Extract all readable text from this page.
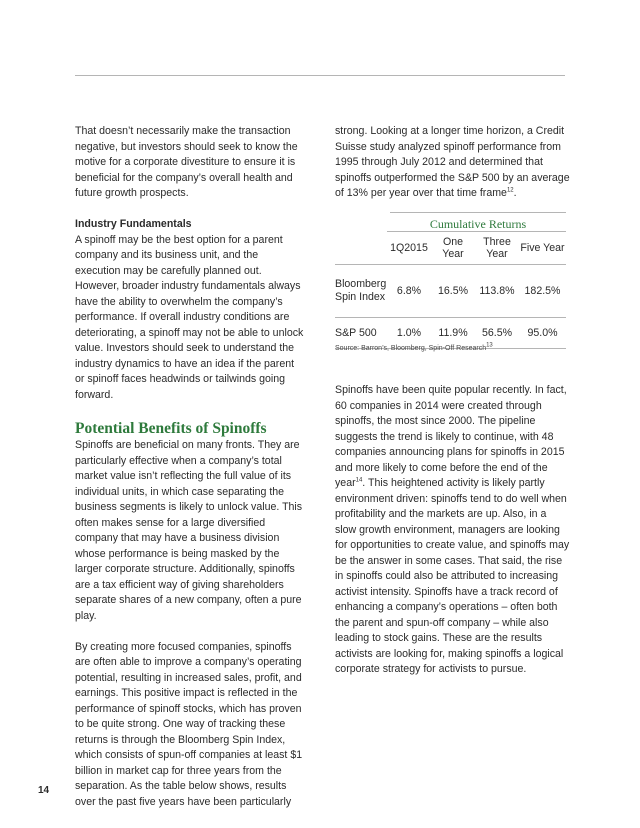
That doesn’t necessarily make the transaction negative, but investors should seek to know the motive for a corporate divestiture to ensure it is beneficial for the company’s overall health and future growth prospects.

Industry Fundamentals

A spinoff may be the best option for a parent company and its business unit, and the execution may be carefully planned out. However, broader industry fundamentals always have the ability to overwhelm the company’s performance. If overall industry conditions are deteriorating, a spinoff may not be able to unlock value. Investors should seek to understand the industry dynamics to have an idea if the parent or spinoff faces headwinds or tailwinds going forward.

Potential Benefits of Spinoffs

Spinoffs are beneficial on many fronts. They are particularly effective when a company’s total market value isn’t reflecting the full value of its individual units, in which case separating the business segments is likely to unlock value. This often makes sense for a large diversified company that may have a business division whose performance is being masked by the larger corporate structure. Additionally, spinoffs are a tax efficient way of giving shareholders separate shares of a new company, often a pure play.

By creating more focused companies, spinoffs are often able to improve a company’s operating potential, resulting in increased sales, profit, and earnings. This positive impact is reflected in the performance of spinoff stocks, which has proven to be quite strong. One way of tracking these returns is through the Bloomberg Spin Index, which consists of spun-off companies at least $1 billion in market cap for three years from the separation. As the table below shows, results over the past five years have been particularly

strong. Looking at a longer time horizon, a Credit Suisse study analyzed spinoff performance from 1995 through July 2012 and determined that spinoffs outperformed the S&P 500 by an average of 13% per year over that time frame$^{12}$.

Cumulative Returns
	1Q2015	One Year	Three Year	Five Year
Bloomberg Spin Index	6.8%	16.5%	113.8%	182.5%
S&P 500	1.0%	11.9%	56.5%	95.0%
Source: Barron’s, Bloomberg, Spin-Off Research$^{13}$

Spinoffs have been quite popular recently. In fact, 60 companies in 2014 were created through spinoffs, the most since 2000. The pipeline suggests the trend is likely to continue, with 48 companies announcing plans for spinoffs in 2015 and more likely to come before the end of the year$^{14}$. This heightened activity is likely partly environment driven: spinoffs tend to do well when profitability and the markets are up. Also, in a slow growth environment, managers are looking for opportunities to create value, and spinoffs may be the answer in some cases. That said, the rise in spinoffs could also be attributed to increasing activist intensity. Spinoffs have a track record of enhancing a company’s operations – often both the parent and spun-off company – while also leading to stock gains. These are the results activists are looking for, making spinoffs a logical corporate strategy for activists to pursue.

14
